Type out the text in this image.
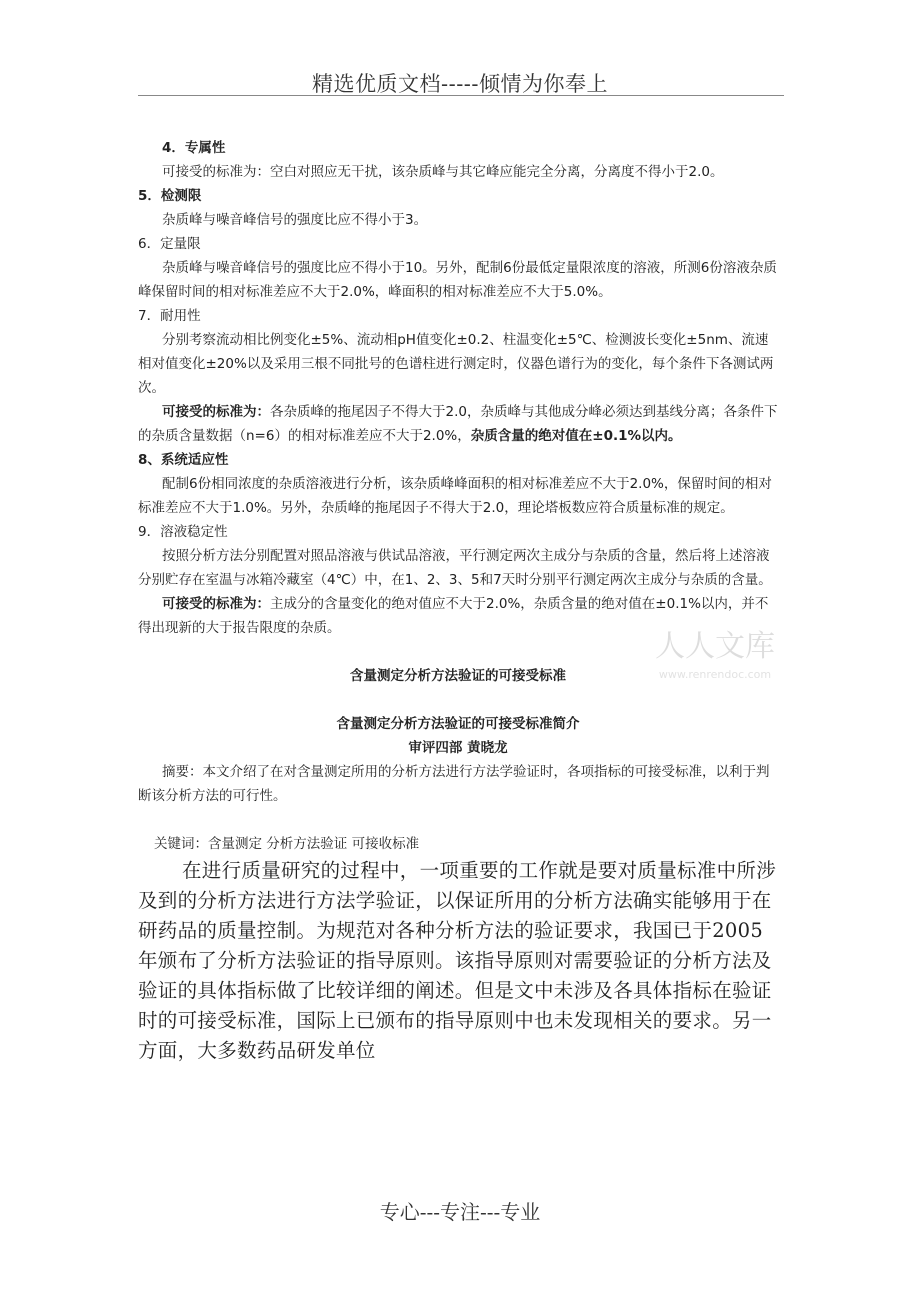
精选优质文档-----倾情为你奉上

4．专属性

可接受的标准为：空白对照应无干扰，该杂质峰与其它峰应能完全分离，分离度不得小于2.0。

5．检测限

杂质峰与噪音峰信号的强度比应不得小于3。

6．定量限

杂质峰与噪音峰信号的强度比应不得小于10。另外，配制6份最低定量限浓度的溶液，所测6份溶液杂质峰保留时间的相对标准差应不大于2.0%，峰面积的相对标准差应不大于5.0%。

7．耐用性

分别考察流动相比例变化±5%、流动相pH值变化±0.2、柱温变化±5℃、检测波长变化±5nm、流速相对值变化±20%以及采用三根不同批号的色谱柱进行测定时，仪器色谱行为的变化，每个条件下各测试两次。

可接受的标准为：各杂质峰的拖尾因子不得大于2.0，杂质峰与其他成分峰必须达到基线分离；各条件下的杂质含量数据（n=6）的相对标准差应不大于2.0%，杂质含量的绝对值在±0.1%以内。

8、系统适应性

配制6份相同浓度的杂质溶液进行分析，该杂质峰峰面积的相对标准差应不大于2.0%，保留时间的相对标准差应不大于1.0%。另外，杂质峰的拖尾因子不得大于2.0，理论塔板数应符合质量标准的规定。

9．溶液稳定性

按照分析方法分别配置对照品溶液与供试品溶液，平行测定两次主成分与杂质的含量，然后将上述溶液分别贮存在室温与冰箱冷藏室（4℃）中，在1、2、3、5和7天时分别平行测定两次主成分与杂质的含量。

可接受的标准为：主成分的含量变化的绝对值应不大于2.0%，杂质含量的绝对值在±0.1%以内，并不得出现新的大于报告限度的杂质。

含量测定分析方法验证的可接受标准

含量测定分析方法验证的可接受标准简介

审评四部 黄晓龙

摘要：本文介绍了在对含量测定所用的分析方法进行方法学验证时，各项指标的可接受标准，以利于判断该分析方法的可行性。

关键词：含量测定 分析方法验证 可接收标准

在进行质量研究的过程中，一项重要的工作就是要对质量标准中所涉及到的分析方法进行方法学验证，以保证所用的分析方法确实能够用于在研药品的质量控制。为规范对各种分析方法的验证要求，我国已于2005年颁布了分析方法验证的指导原则。该指导原则对需要验证的分析方法及验证的具体指标做了比较详细的阐述。但是文中未涉及各具体指标在验证时的可接受标准，国际上已颁布的指导原则中也未发现相关的要求。另一方面，大多数药品研发单位

人人文库
www.renrendoc.com
专心---专注---专业
